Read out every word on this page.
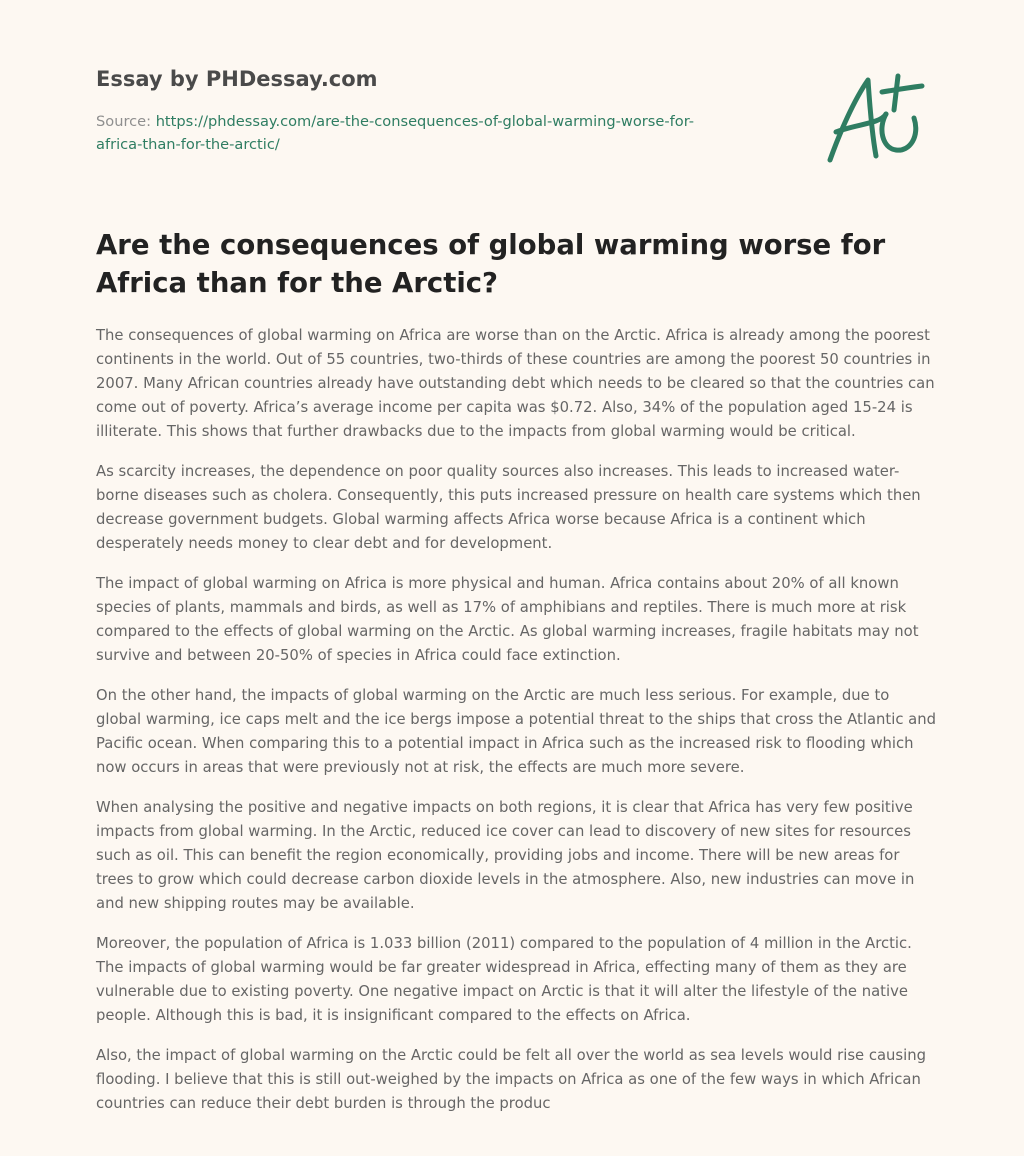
Essay by PHDessay.com
Source: https://phdessay.com/are-the-consequences-of-global-warming-worse-for-africa-than-for-the-arctic/
Are the consequences of global warming worse for Africa than for the Arctic?

The consequences of global warming on Africa are worse than on the Arctic. Africa is already among the poorest continents in the world. Out of 55 countries, two-thirds of these countries are among the poorest 50 countries in 2007. Many African countries already have outstanding debt which needs to be cleared so that the countries can come out of poverty. Africa’s average income per capita was $0.72. Also, 34% of the population aged 15-24 is illiterate. This shows that further drawbacks due to the impacts from global warming would be critical.

As scarcity increases, the dependence on poor quality sources also increases. This leads to increased water-borne diseases such as cholera. Consequently, this puts increased pressure on health care systems which then decrease government budgets. Global warming affects Africa worse because Africa is a continent which desperately needs money to clear debt and for development.

The impact of global warming on Africa is more physical and human. Africa contains about 20% of all known species of plants, mammals and birds, as well as 17% of amphibians and reptiles. There is much more at risk compared to the effects of global warming on the Arctic. As global warming increases, fragile habitats may not survive and between 20-50% of species in Africa could face extinction.

On the other hand, the impacts of global warming on the Arctic are much less serious. For example, due to global warming, ice caps melt and the ice bergs impose a potential threat to the ships that cross the Atlantic and Pacific ocean. When comparing this to a potential impact in Africa such as the increased risk to flooding which now occurs in areas that were previously not at risk, the effects are much more severe.

When analysing the positive and negative impacts on both regions, it is clear that Africa has very few positive impacts from global warming. In the Arctic, reduced ice cover can lead to discovery of new sites for resources such as oil. This can benefit the region economically, providing jobs and income. There will be new areas for trees to grow which could decrease carbon dioxide levels in the atmosphere. Also, new industries can move in and new shipping routes may be available.

Moreover, the population of Africa is 1.033 billion (2011) compared to the population of 4 million in the Arctic. The impacts of global warming would be far greater widespread in Africa, effecting many of them as they are vulnerable due to existing poverty. One negative impact on Arctic is that it will alter the lifestyle of the native people. Although this is bad, it is insignificant compared to the effects on Africa.

Also, the impact of global warming on the Arctic could be felt all over the world as sea levels would rise causing flooding. I believe that this is still out-weighed by the impacts on Africa as one of the few ways in which African countries can reduce their debt burden is through the produc
